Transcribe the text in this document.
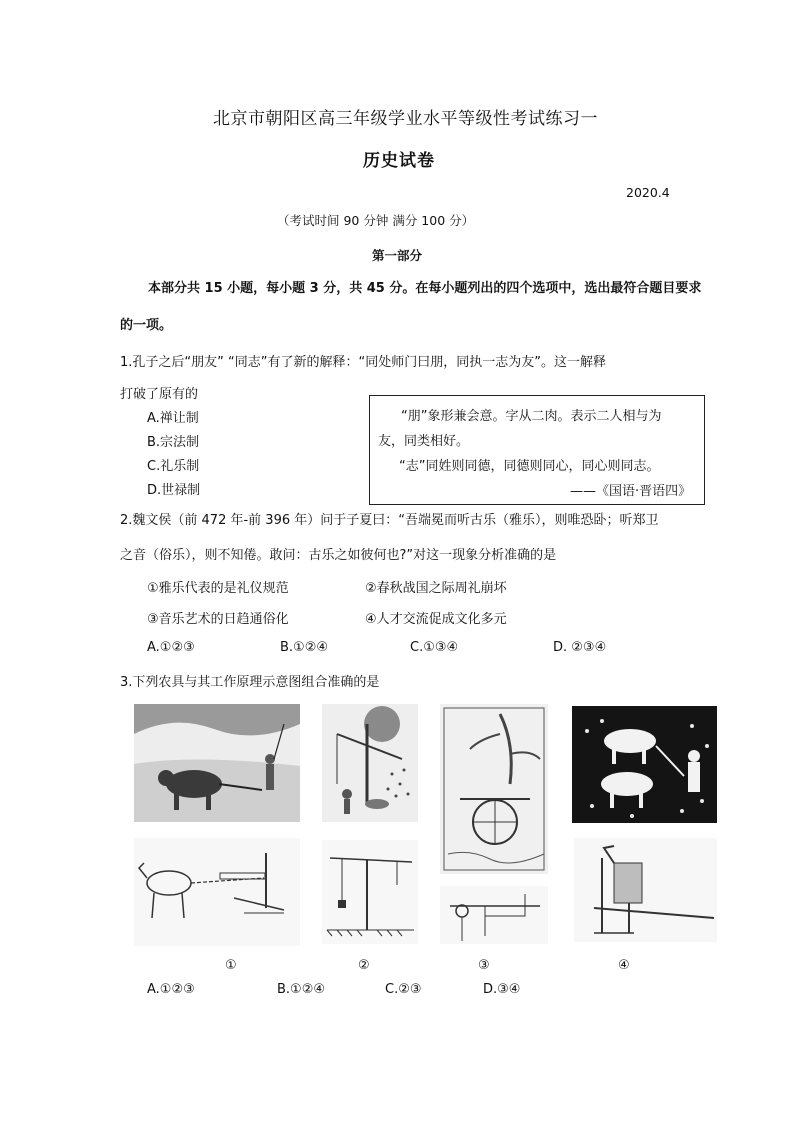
北京市朝阳区高三年级学业水平等级性考试练习一
历史试卷
2020.4
（考试时间 90 分钟 满分 100 分）
第一部分
本部分共 15 小题，每小题 3 分，共 45 分。在每小题列出的四个选项中，选出最符合题目要求
的一项。
1.孔子之后“朋友” “同志”有了新的解释：“同处师门曰朋，同执一志为友”。这一解释
打破了原有的
A.禅让制
B.宗法制
C.礼乐制
D.世禄制
“朋”象形兼会意。字从二肉。表示二人相与为
友，同类相好。
“志”同姓则同德，同德则同心，同心则同志。
——《国语·晋语四》
2.魏文侯（前 472 年-前 396 年）问于子夏曰：“吾端冕而听古乐（雅乐），则唯恐卧；听郑卫
之音（俗乐），则不知倦。敢问：古乐之如彼何也?”对这一现象分析准确的是
①雅乐代表的是礼仪规范	②春秋战国之际周礼崩坏
③音乐艺术的日趋通俗化	④人才交流促成文化多元
A.①②③	B.①②④	C.①③④	D. ②③④
3.下列农具与其工作原理示意图组合准确的是
①	②	③	④
A.①②③	B.①②④	C.②③	D.③④
